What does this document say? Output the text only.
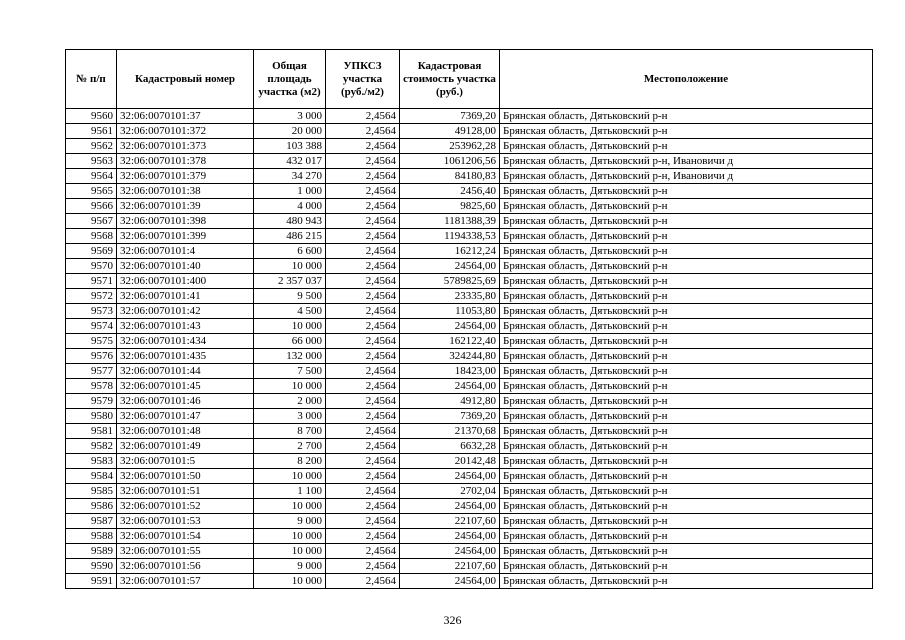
№ п/п	Кадастровый номер	Общая площадь участка (м2)	УПКСЗ участка (руб./м2)	Кадастровая стоимость участка (руб.)	Местоположение
9560	32:06:0070101:37	3 000	2,4564	7369,20	Брянская область, Дятьковский р-н
9561	32:06:0070101:372	20 000	2,4564	49128,00	Брянская область, Дятьковский р-н
9562	32:06:0070101:373	103 388	2,4564	253962,28	Брянская область, Дятьковский р-н
9563	32:06:0070101:378	432 017	2,4564	1061206,56	Брянская область, Дятьковский р-н, Ивановичи д
9564	32:06:0070101:379	34 270	2,4564	84180,83	Брянская область, Дятьковский р-н, Ивановичи д
9565	32:06:0070101:38	1 000	2,4564	2456,40	Брянская область, Дятьковский р-н
9566	32:06:0070101:39	4 000	2,4564	9825,60	Брянская область, Дятьковский р-н
9567	32:06:0070101:398	480 943	2,4564	1181388,39	Брянская область, Дятьковский р-н
9568	32:06:0070101:399	486 215	2,4564	1194338,53	Брянская область, Дятьковский р-н
9569	32:06:0070101:4	6 600	2,4564	16212,24	Брянская область, Дятьковский р-н
9570	32:06:0070101:40	10 000	2,4564	24564,00	Брянская область, Дятьковский р-н
9571	32:06:0070101:400	2 357 037	2,4564	5789825,69	Брянская область, Дятьковский р-н
9572	32:06:0070101:41	9 500	2,4564	23335,80	Брянская область, Дятьковский р-н
9573	32:06:0070101:42	4 500	2,4564	11053,80	Брянская область, Дятьковский р-н
9574	32:06:0070101:43	10 000	2,4564	24564,00	Брянская область, Дятьковский р-н
9575	32:06:0070101:434	66 000	2,4564	162122,40	Брянская область, Дятьковский р-н
9576	32:06:0070101:435	132 000	2,4564	324244,80	Брянская область, Дятьковский р-н
9577	32:06:0070101:44	7 500	2,4564	18423,00	Брянская область, Дятьковский р-н
9578	32:06:0070101:45	10 000	2,4564	24564,00	Брянская область, Дятьковский р-н
9579	32:06:0070101:46	2 000	2,4564	4912,80	Брянская область, Дятьковский р-н
9580	32:06:0070101:47	3 000	2,4564	7369,20	Брянская область, Дятьковский р-н
9581	32:06:0070101:48	8 700	2,4564	21370,68	Брянская область, Дятьковский р-н
9582	32:06:0070101:49	2 700	2,4564	6632,28	Брянская область, Дятьковский р-н
9583	32:06:0070101:5	8 200	2,4564	20142,48	Брянская область, Дятьковский р-н
9584	32:06:0070101:50	10 000	2,4564	24564,00	Брянская область, Дятьковский р-н
9585	32:06:0070101:51	1 100	2,4564	2702,04	Брянская область, Дятьковский р-н
9586	32:06:0070101:52	10 000	2,4564	24564,00	Брянская область, Дятьковский р-н
9587	32:06:0070101:53	9 000	2,4564	22107,60	Брянская область, Дятьковский р-н
9588	32:06:0070101:54	10 000	2,4564	24564,00	Брянская область, Дятьковский р-н
9589	32:06:0070101:55	10 000	2,4564	24564,00	Брянская область, Дятьковский р-н
9590	32:06:0070101:56	9 000	2,4564	22107,60	Брянская область, Дятьковский р-н
9591	32:06:0070101:57	10 000	2,4564	24564,00	Брянская область, Дятьковский р-н
326
